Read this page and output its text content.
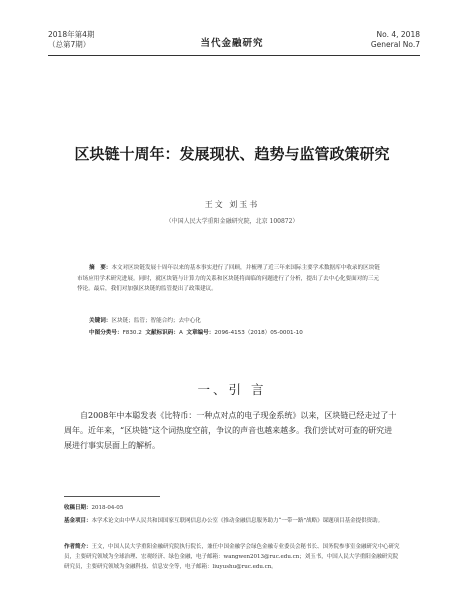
2018年第4期
（总第7期）	当代金融研究
No. 4, 2018
General No.7
区块链十周年：发展现状、趋势与监管政策研究
王文 刘玉书
（中国人民大学重阳金融研究院，北京 100872）

摘　要：本文对区块链发展十周年以来的基本事实进行了回顾，并梳理了近三年来国际主要学术数据库中收录的区块链市场应用学术研究进展。同时，就区块链与计算力的关系和区块链将面临的问题进行了分析，提出了去中心化要面对的三元悖论。最后，我们对加强区块链的监管提出了政策建议。

关键词：区块链；监管；智能合约；去中心化
中图分类号：F830.2 文献标识码：A 文章编号：2096-4153（2018）05-0001-10
一、引 言

自2008年中本聪发表《比特币：一种点对点的电子现金系统》以来，区块链已经走过了十周年。近年来，“区块链”这个词热度空前，争议的声音也越来越多。我们尝试对可查的研究进展进行事实层面上的解析。

收稿日期：2018-04-05

基金项目：本学术论文由中华人民共和国国家互联网信息办公室《推动金融信息服务助力“一带一路”战略》课题项目基金提供资助。

作者简介：王文，中国人民大学重阳金融研究院执行院长，兼任中国金融学会绿色金融专业委员会秘书长、国务院参事室金融研究中心研究员，主要研究领域为全球治理、宏观经济、绿色金融，电子邮箱：wangwen2013@ruc.edu.cn；刘玉书，中国人民大学重阳金融研究院研究员，主要研究领域为金融科技、信息安全等，电子邮箱：liuyushu@ruc.edu.cn。
